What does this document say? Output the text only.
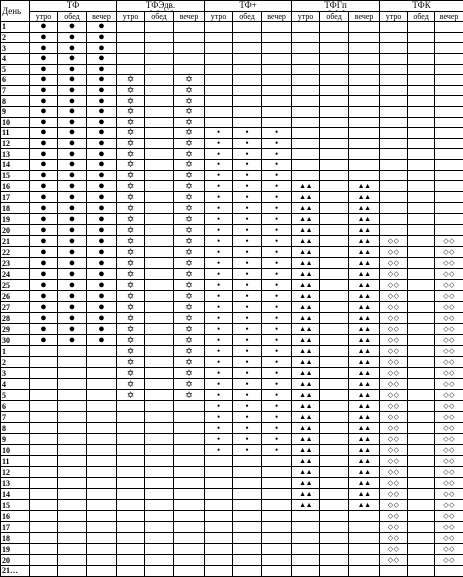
День	ТФ			ТФЭдв.			ТФ+			ТФГп			ТФК		
	утро	обед	вечер	утро	обед	вечер	утро	обед	вечер	утро	обед	вечер	утро	обед	вечер
1	●	●	●												
2	●	●	●												
3	●	●	●												
4	●	●	●												
5	●	●	●												
6	●	●	●	✡		✡									
7	●	●	●	✡		✡									
8	●	●	●	✡		✡									
9	●	●	●	✡		✡									
10	●	●	●	✡		✡									
11	●	●	●	✡		✡	•	•	•						
12	●	●	●	✡		✡	•	•	•						
13	●	●	●	✡		✡	•	•	•						
14	●	●	●	✡		✡	•	•	•						
15	●	●	●	✡		✡	•	•	•						
16	●	●	●	✡		✡	•	•	•	▲▲		▲▲			
17	●	●	●	✡		✡	•	•	•	▲▲		▲▲			
18	●	●	●	✡		✡	•	•	•	▲▲		▲▲			
19	●	●	●	✡		✡	•	•	•	▲▲		▲▲			
20	●	●	●	✡		✡	•	•	•	▲▲		▲▲			
21	●	●	●	✡		✡	•	•	•	▲▲		▲▲	◇◇		◇◇
22	●	●	●	✡		✡	•	•	•	▲▲		▲▲	◇◇		◇◇
23	●	●	●	✡		✡	•	•	•	▲▲		▲▲	◇◇		◇◇
24	●	●	●	✡		✡	•	•	•	▲▲		▲▲	◇◇		◇◇
25	●	●	●	✡		✡	•	•	•	▲▲		▲▲	◇◇		◇◇
26	●	●	●	✡		✡	•	•	•	▲▲		▲▲	◇◇		◇◇
27	●	●	●	✡		✡	•	•	•	▲▲		▲▲	◇◇		◇◇
28	●	●	●	✡		✡	•	•	•	▲▲		▲▲	◇◇		◇◇
29	●	●	●	✡		✡	•	•	•	▲▲		▲▲	◇◇		◇◇
30	●	●	●	✡		✡	•	•	•	▲▲		▲▲	◇◇		◇◇
1				✡		✡	•	•	•	▲▲		▲▲	◇◇		◇◇
2				✡		✡	•	•	•	▲▲		▲▲	◇◇		◇◇
3				✡		✡	•	•	•	▲▲		▲▲	◇◇		◇◇
4				✡		✡	•	•	•	▲▲		▲▲	◇◇		◇◇
5				✡		✡	•	•	•	▲▲		▲▲	◇◇		◇◇
6							•	•	•	▲▲		▲▲	◇◇		◇◇
7							•	•	•	▲▲		▲▲	◇◇		◇◇
8							•	•	•	▲▲		▲▲	◇◇		◇◇
9							•	•	•	▲▲		▲▲	◇◇		◇◇
10							•	•	•	▲▲		▲▲	◇◇		◇◇
11										▲▲		▲▲	◇◇		◇◇
12										▲▲		▲▲	◇◇		◇◇
13										▲▲		▲▲	◇◇		◇◇
14										▲▲		▲▲	◇◇		◇◇
15										▲▲		▲▲	◇◇		◇◇
16													◇◇		◇◇
17													◇◇		◇◇
18													◇◇		◇◇
19													◇◇		◇◇
20													◇◇		◇◇
21…															
